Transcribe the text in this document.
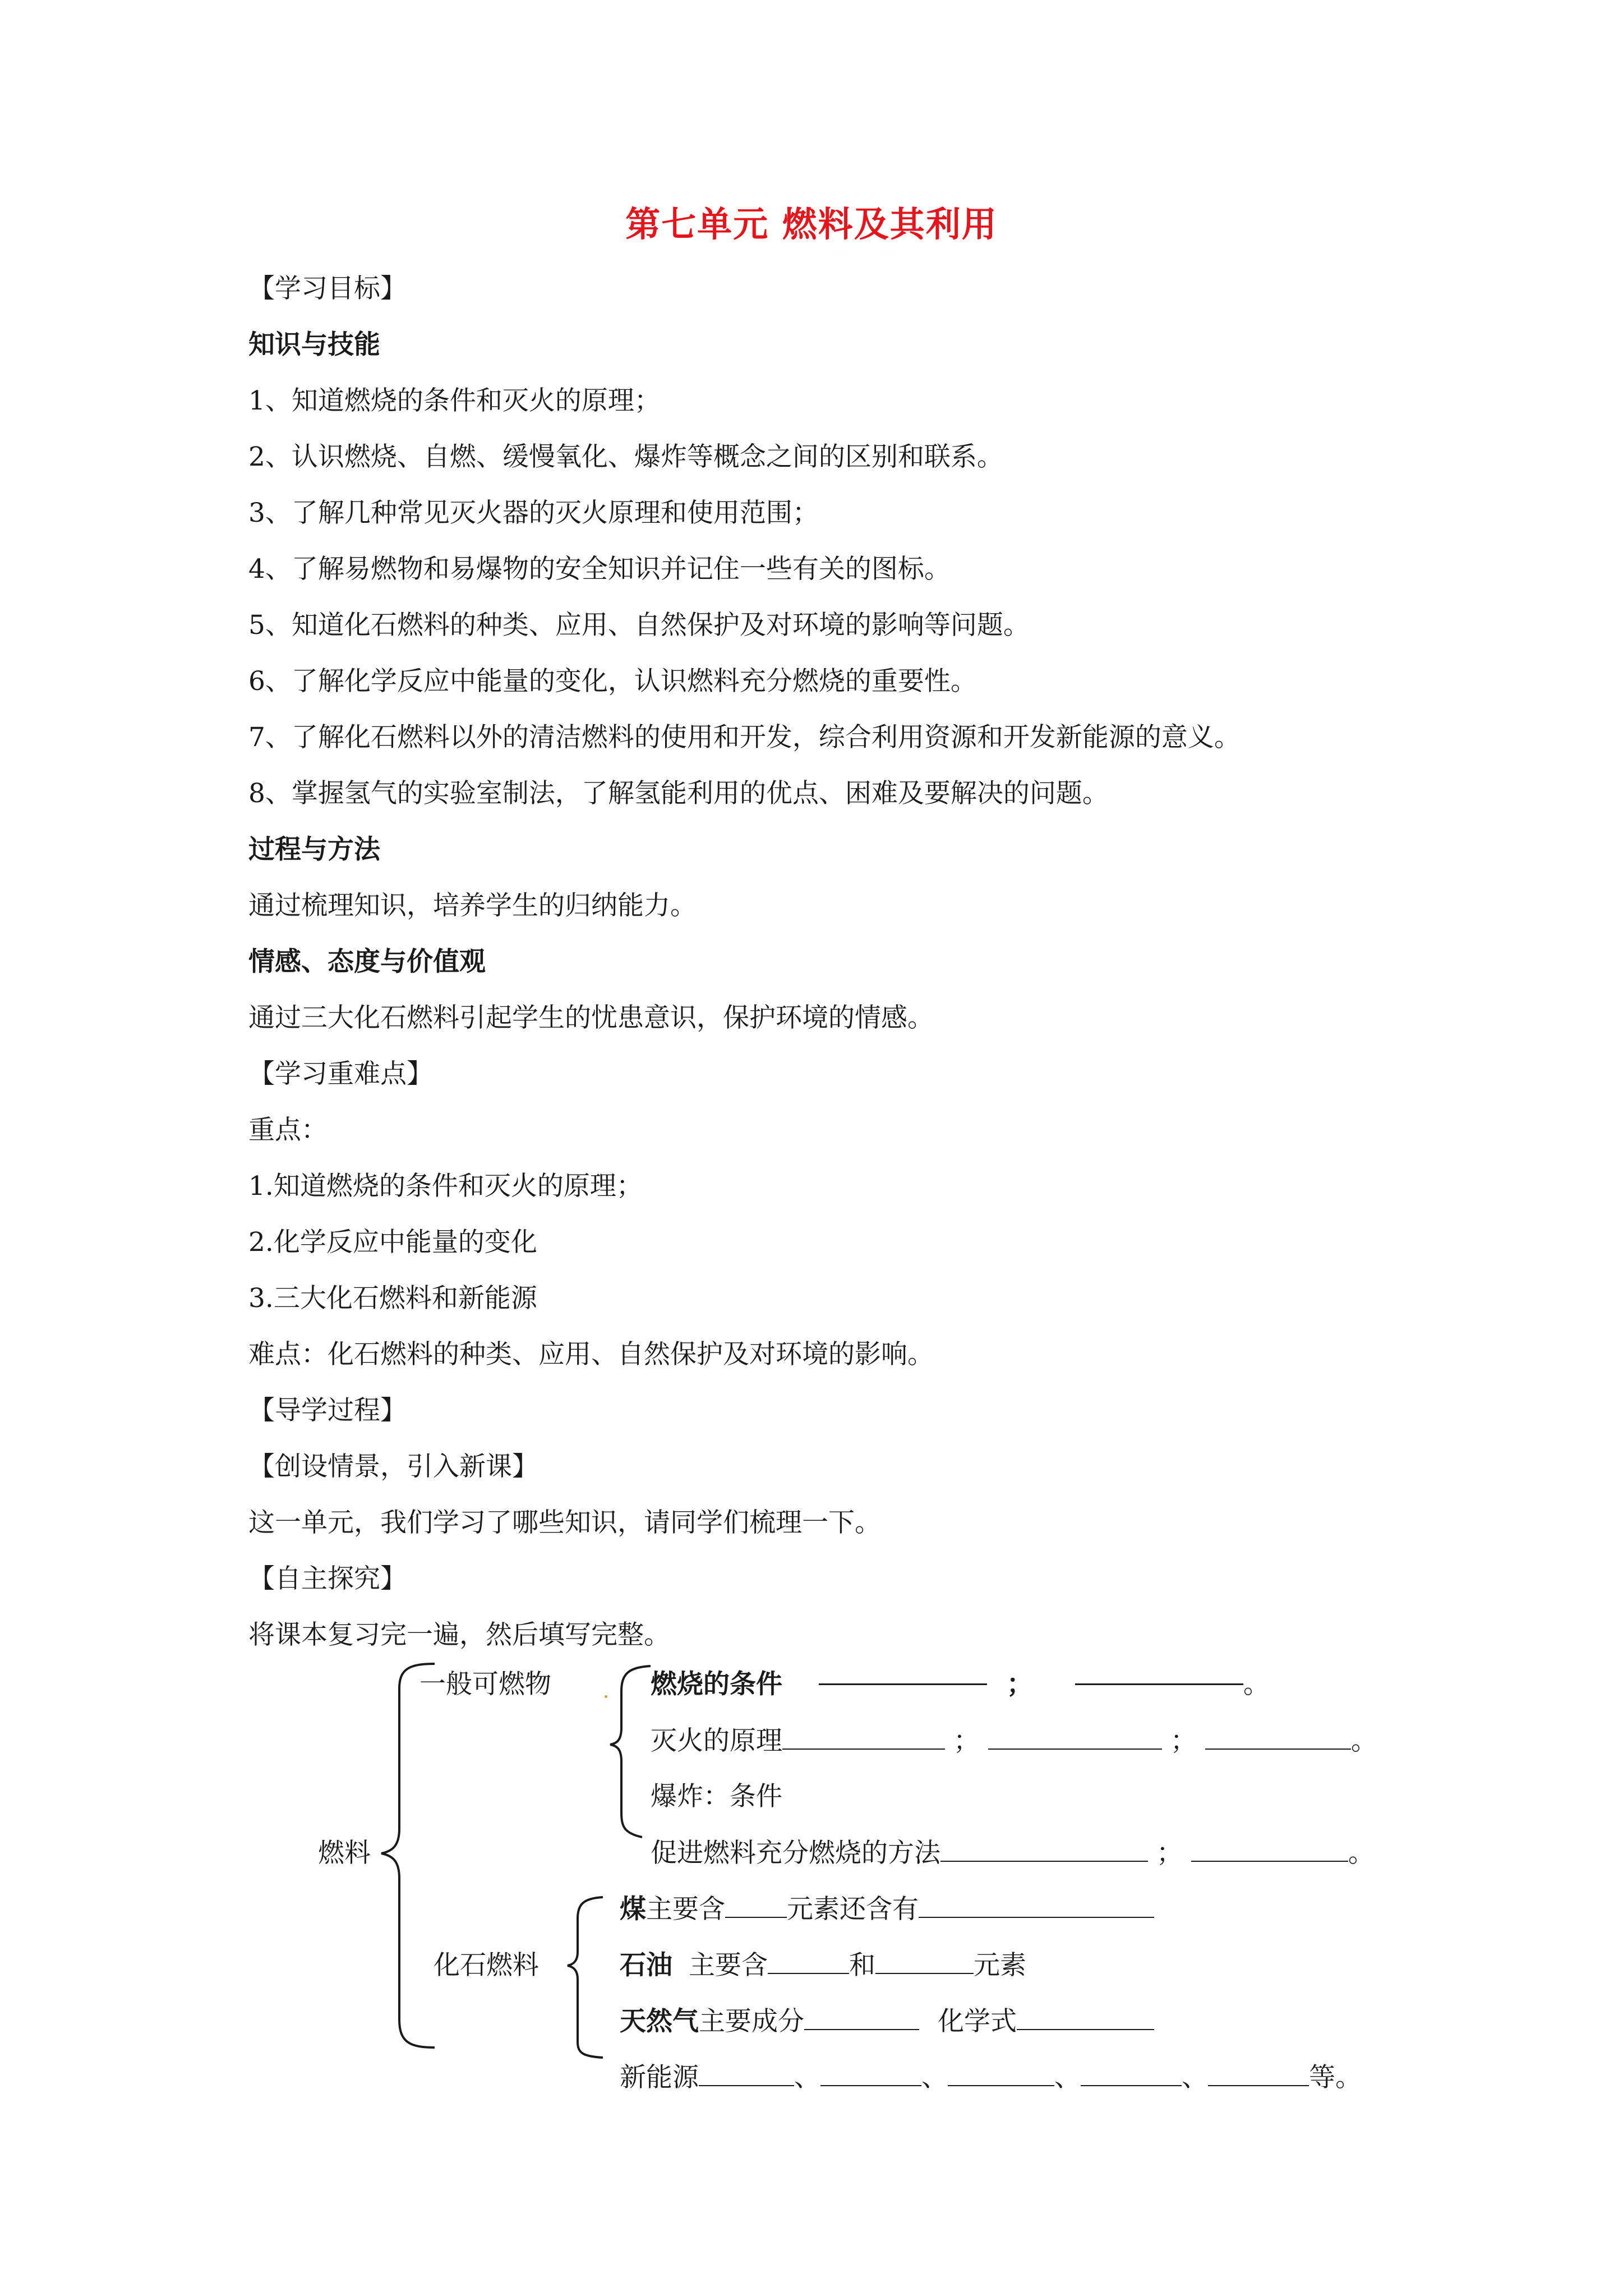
第七单元 燃料及其利用
【学习目标】
知识与技能
1、知道燃烧的条件和灭火的原理；
2、认识燃烧、自燃、缓慢氧化、爆炸等概念之间的区别和联系。
3、了解几种常见灭火器的灭火原理和使用范围；
4、了解易燃物和易爆物的安全知识并记住一些有关的图标。
5、知道化石燃料的种类、应用、自然保护及对环境的影响等问题。
6、了解化学反应中能量的变化，认识燃料充分燃烧的重要性。
7、了解化石燃料以外的清洁燃料的使用和开发，综合利用资源和开发新能源的意义。
8、掌握氢气的实验室制法，了解氢能利用的优点、困难及要解决的问题。
过程与方法
通过梳理知识，培养学生的归纳能力。
情感、态度与价值观
通过三大化石燃料引起学生的忧患意识，保护环境的情感。
【学习重难点】
重点：
1.知道燃烧的条件和灭火的原理；
2.化学反应中能量的变化
3.三大化石燃料和新能源
难点：化石燃料的种类、应用、自然保护及对环境的影响。
【导学过程】
【创设情景，引入新课】
这一单元，我们学习了哪些知识，请同学们梳理一下。
【自主探究】
将课本复习完一遍，然后填写完整。
燃料
一般可燃物
化石燃料
燃烧的条件	；	。
灭火的原理	；	；	。
爆炸：条件
促进燃料充分燃烧的方法	；	。
煤主要含 元素还含有
石油 主要含	和	元素
天然气主要成分	化学式
新能源	、	、	、	、	等。
